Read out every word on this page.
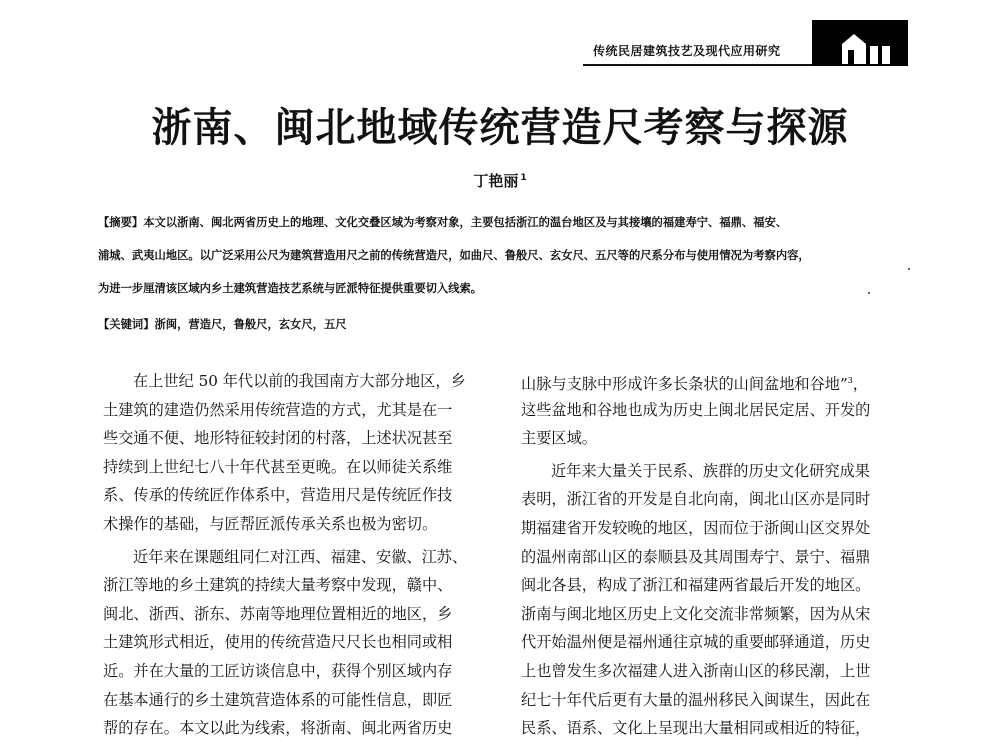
传统民居建筑技艺及现代应用研究
浙南、闽北地域传统营造尺考察与探源
丁艳丽 $^1$
【摘要】本文以浙南、闽北两省历史上的地理、文化交叠区域为考察对象，主要包括浙江的温台地区及与其接壤的福建寿宁、福鼎、福安、
浦城、武夷山地区。以广泛采用公尺为建筑营造用尺之前的传统营造尺，如曲尺、鲁般尺、玄女尺、五尺等的尺系分布与使用情况为考察内容，
为进一步厘清该区域内乡土建筑营造技艺系统与匠派特征提供重要切入线索。
【关键词】浙闽，营造尺，鲁般尺，玄女尺，五尺
在上世纪 50 年代以前的我国南方大部分地区，乡
土建筑的建造仍然采用传统营造的方式，尤其是在一
些交通不便、地形特征较封闭的村落，上述状况甚至
持续到上世纪七八十年代甚至更晚。在以师徒关系维
系、传承的传统匠作体系中，营造用尺是传统匠作技
术操作的基础，与匠帮匠派传承关系也极为密切。
近年来在课题组同仁对江西、福建、安徽、江苏、
浙江等地的乡土建筑的持续大量考察中发现，赣中、
闽北、浙西、浙东、苏南等地理位置相近的地区，乡
土建筑形式相近，使用的传统营造尺尺长也相同或相
近。并在大量的工匠访谈信息中，获得个别区域内存
在基本通行的乡土建筑营造体系的可能性信息，即匠
帮的存在。本文以此为线索，将浙南、闽北两省历史
山脉与支脉中形成许多长条状的山间盆地和谷地”$^3$，
这些盆地和谷地也成为历史上闽北居民定居、开发的
主要区域。
近年来大量关于民系、族群的历史文化研究成果
表明，浙江省的开发是自北向南，闽北山区亦是同时
期福建省开发较晚的地区，因而位于浙闽山区交界处
的温州南部山区的泰顺县及其周围寿宁、景宁、福鼎
闽北各县，构成了浙江和福建两省最后开发的地区。
浙南与闽北地区历史上文化交流非常频繁，因为从宋
代开始温州便是福州通往京城的重要邮驿通道，历史
上也曾发生多次福建人进入浙南山区的移民潮，上世
纪七十年代后更有大量的温州移民入闽谋生，因此在
民系、语系、文化上呈现出大量相同或相近的特征，
